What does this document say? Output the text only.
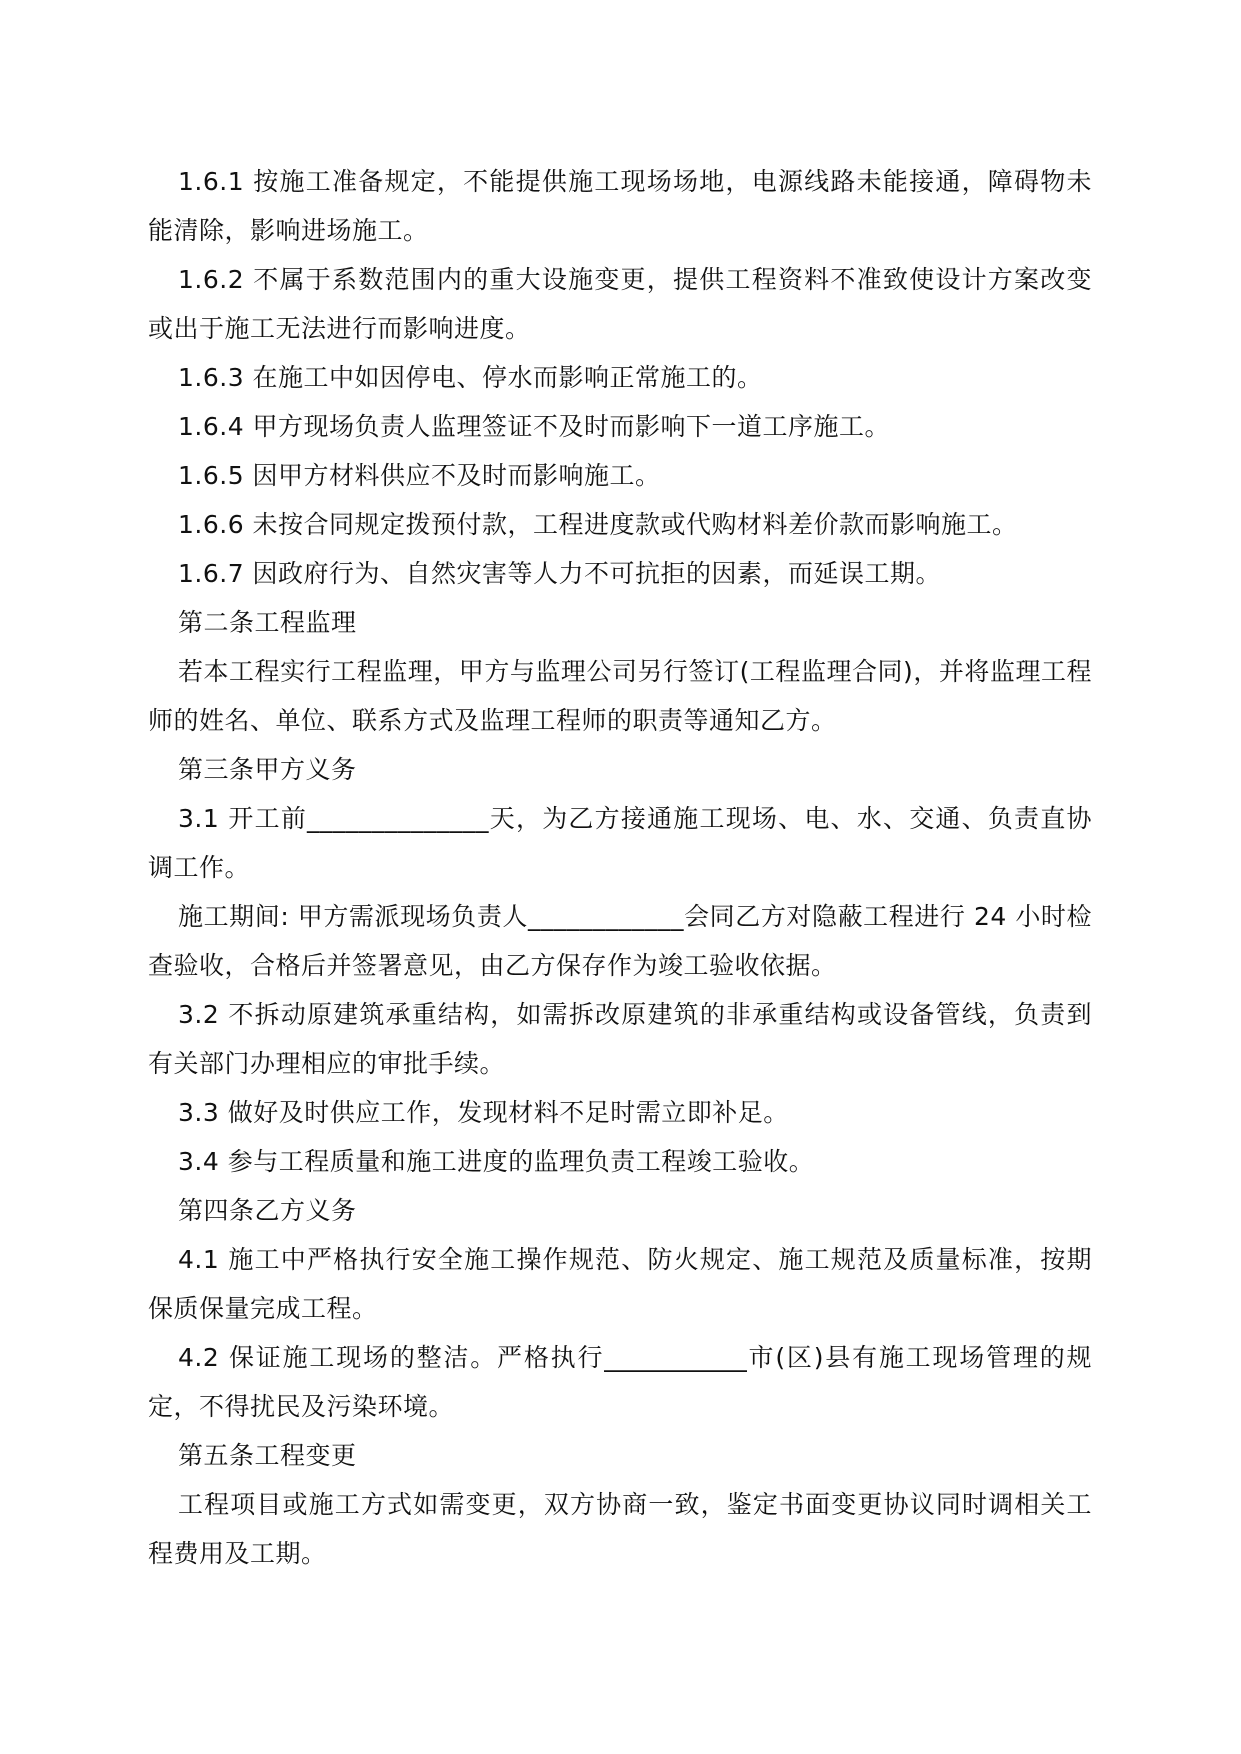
1.6.1 按施工准备规定，不能提供施工现场场地，电源线路未能接通，障碍物未能清除，影响进场施工。

1.6.2 不属于系数范围内的重大设施变更，提供工程资料不准致使设计方案改变或出于施工无法进行而影响进度。

1.6.3 在施工中如因停电、停水而影响正常施工的。

1.6.4 甲方现场负责人监理签证不及时而影响下一道工序施工。

1.6.5 因甲方材料供应不及时而影响施工。

1.6.6 未按合同规定拨预付款，工程进度款或代购材料差价款而影响施工。

1.6.7 因政府行为、自然灾害等人力不可抗拒的因素，而延误工期。

第二条工程监理

若本工程实行工程监理，甲方与监理公司另行签订(工程监理合同)，并将监理工程师的姓名、单位、联系方式及监理工程师的职责等通知乙方。

第三条甲方义务

3.1 开工前______________天，为乙方接通施工现场、电、水、交通、负责直协调工作。

施工期间: 甲方需派现场负责人____________会同乙方对隐蔽工程进行 24 小时检查验收，合格后并签署意见，由乙方保存作为竣工验收依据。

3.2 不拆动原建筑承重结构，如需拆改原建筑的非承重结构或设备管线，负责到有关部门办理相应的审批手续。

3.3 做好及时供应工作，发现材料不足时需立即补足。

3.4 参与工程质量和施工进度的监理负责工程竣工验收。

第四条乙方义务

4.1 施工中严格执行安全施工操作规范、防火规定、施工规范及质量标准，按期保质保量完成工程。

4.2 保证施工现场的整洁。严格执行___________市(区)县有施工现场管理的规定，不得扰民及污染环境。

第五条工程变更

工程项目或施工方式如需变更，双方协商一致，鉴定书面变更协议同时调相关工程费用及工期。
